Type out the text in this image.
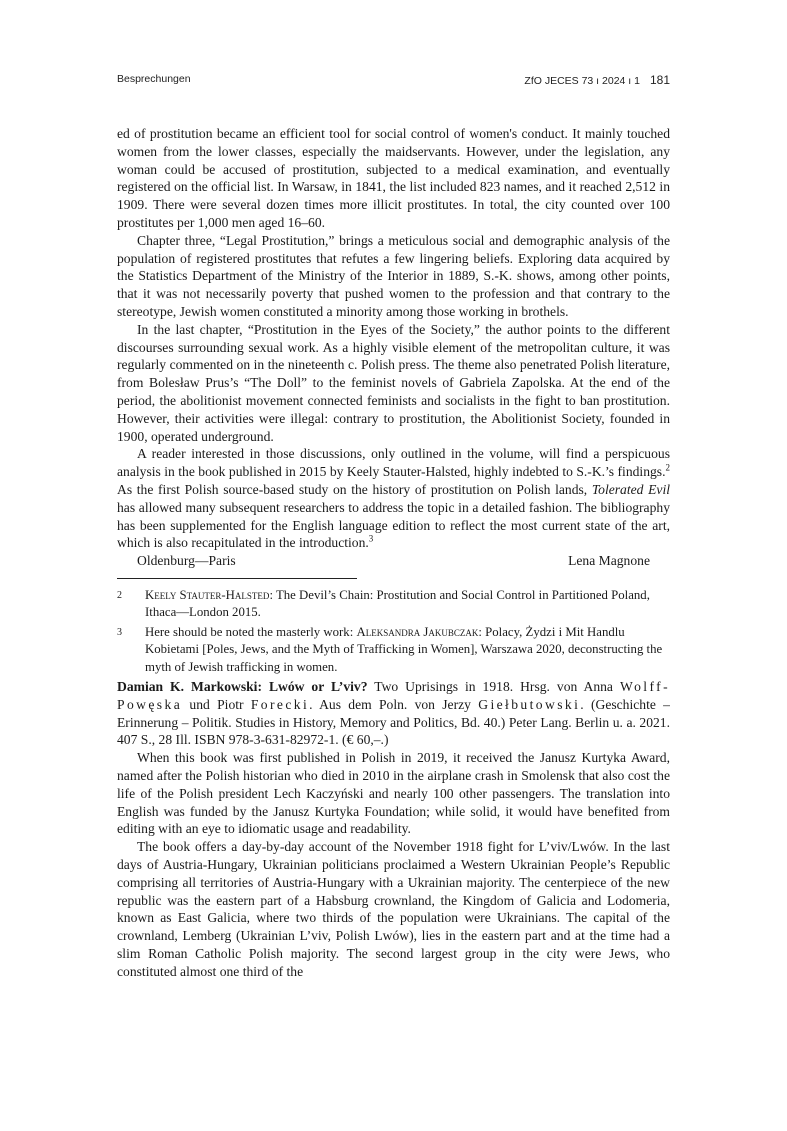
Besprechungen	ZfO JECES 73 ı 2024 ı 1 181

ed of prostitution became an efficient tool for social control of women's conduct. It mainly touched women from the lower classes, especially the maidservants. However, under the legislation, any woman could be accused of prostitution, subjected to a medical examination, and eventually registered on the official list. In Warsaw, in 1841, the list included 823 names, and it reached 2,512 in 1909. There were several dozen times more illicit prostitutes. In total, the city counted over 100 prostitutes per 1,000 men aged 16–60.

Chapter three, “Legal Prostitution,” brings a meticulous social and demographic analysis of the population of registered prostitutes that refutes a few lingering beliefs. Exploring data acquired by the Statistics Department of the Ministry of the Interior in 1889, S.-K. shows, among other points, that it was not necessarily poverty that pushed women to the profession and that contrary to the stereotype, Jewish women constituted a minority among those working in brothels.

In the last chapter, “Prostitution in the Eyes of the Society,” the author points to the different discourses surrounding sexual work. As a highly visible element of the metropolitan culture, it was regularly commented on in the nineteenth c. Polish press. The theme also penetrated Polish literature, from Bolesław Prus’s “The Doll” to the feminist novels of Gabriela Zapolska. At the end of the period, the abolitionist movement connected feminists and socialists in the fight to ban prostitution. However, their activities were illegal: contrary to prostitution, the Abolitionist Society, founded in 1900, operated underground.

A reader interested in those discussions, only outlined in the volume, will find a perspicuous analysis in the book published in 2015 by Keely Stauter-Halsted, highly indebted to S.-K.’s findings.$^2$ As the first Polish source-based study on the history of prostitution on Polish lands, Tolerated Evil has allowed many subsequent researchers to address the topic in a detailed fashion. The bibliography has been supplemented for the English language edition to reflect the most current state of the art, which is also recapitulated in the introduction.$^3$

Oldenburg—Paris	Lena Magnone
2	Keely Stauter-Halsted: The Devil’s Chain: Prostitution and Social Control in Partitioned Poland, Ithaca—London 2015.
3	Here should be noted the masterly work: Aleksandra Jakubczak: Polacy, Żydzi i Mit Handlu Kobietami [Poles, Jews, and the Myth of Trafficking in Women], Warszawa 2020, deconstructing the myth of Jewish trafficking in women.

Damian K. Markowski: Lwów or L’viv? Two Uprisings in 1918. Hrsg. von Anna Wolff-Powęska und Piotr Forecki. Aus dem Poln. von Jerzy Giełbutowski. (Geschichte – Erinnerung – Politik. Studies in History, Memory and Politics, Bd. 40.) Peter Lang. Berlin u. a. 2021. 407 S., 28 Ill. ISBN 978-3-631-82972-1. (€ 60,–.)

When this book was first published in Polish in 2019, it received the Janusz Kurtyka Award, named after the Polish historian who died in 2010 in the airplane crash in Smolensk that also cost the life of the Polish president Lech Kaczyński and nearly 100 other passengers. The translation into English was funded by the Janusz Kurtyka Foundation; while solid, it would have benefited from editing with an eye to idiomatic usage and readability.

The book offers a day-by-day account of the November 1918 fight for L’viv/Lwów. In the last days of Austria-Hungary, Ukrainian politicians proclaimed a Western Ukrainian People’s Republic comprising all territories of Austria-Hungary with a Ukrainian majority. The centerpiece of the new republic was the eastern part of a Habsburg crownland, the Kingdom of Galicia and Lodomeria, known as East Galicia, where two thirds of the population were Ukrainians. The capital of the crownland, Lemberg (Ukrainian L’viv, Polish Lwów), lies in the eastern part and at the time had a slim Roman Catholic Polish majority. The second largest group in the city were Jews, who constituted almost one third of the
